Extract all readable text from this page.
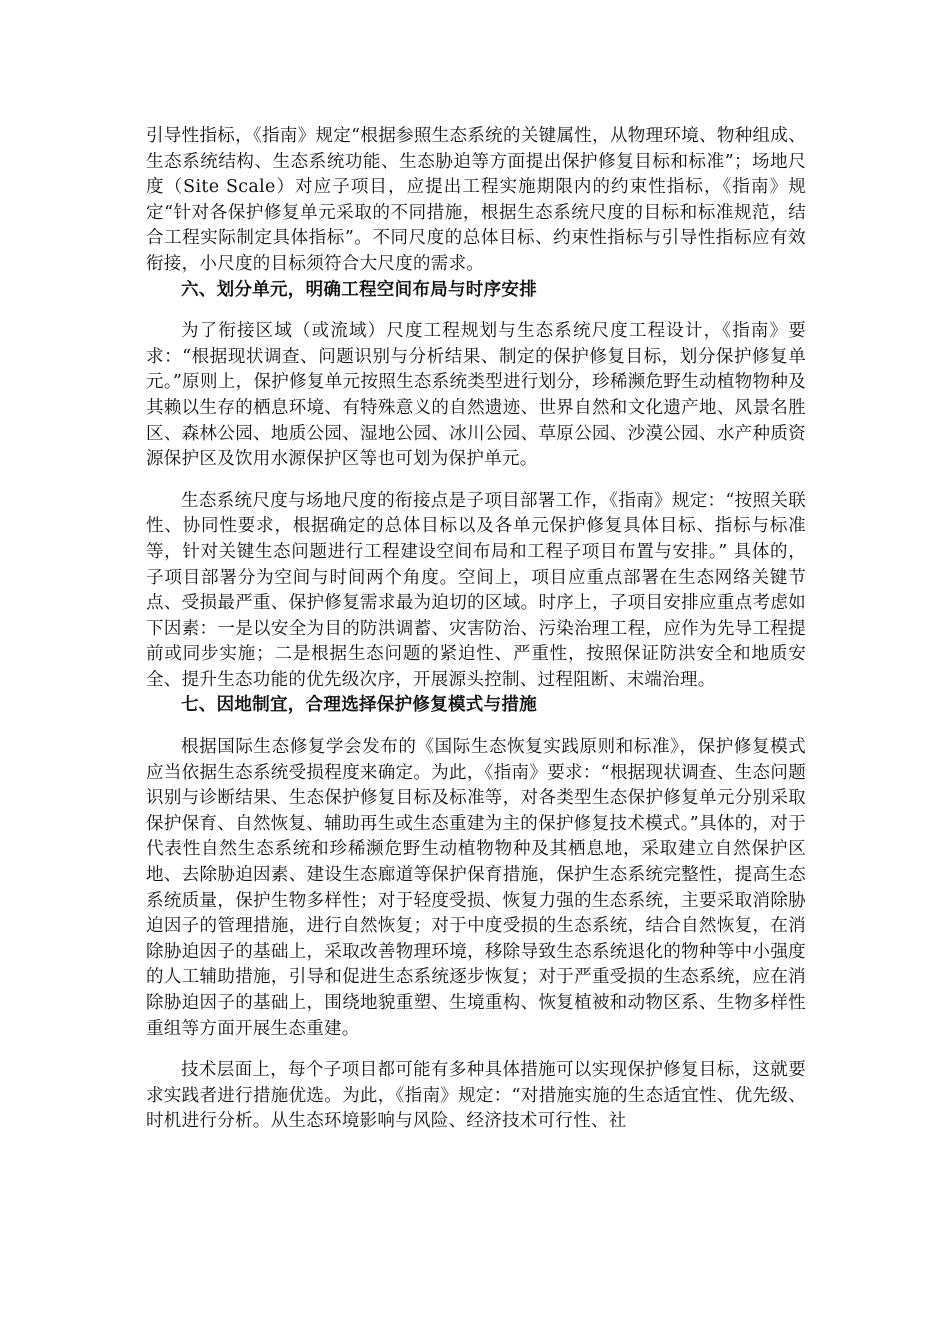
引导性指标，《指南》规定“根据参照生态系统的关键属性，从物理环境、物种组成、生态系统结构、生态系统功能、生态胁迫等方面提出保护修复目标和标准”；场地尺度（Site Scale）对应子项目，应提出工程实施期限内的约束性指标，《指南》规定“针对各保护修复单元采取的不同措施，根据生态系统尺度的目标和标准规范，结合工程实际制定具体指标”。不同尺度的总体目标、约束性指标与引导性指标应有效衔接，小尺度的目标须符合大尺度的需求。

六、划分单元，明确工程空间布局与时序安排

为了衔接区域（或流域）尺度工程规划与生态系统尺度工程设计，《指南》要求：“根据现状调查、问题识别与分析结果、制定的保护修复目标，划分保护修复单元。”原则上，保护修复单元按照生态系统类型进行划分，珍稀濒危野生动植物物种及其赖以生存的栖息环境、有特殊意义的自然遗迹、世界自然和文化遗产地、风景名胜区、森林公园、地质公园、湿地公园、冰川公园、草原公园、沙漠公园、水产种质资源保护区及饮用水源保护区等也可划为保护单元。

生态系统尺度与场地尺度的衔接点是子项目部署工作，《指南》规定：“按照关联性、协同性要求，根据确定的总体目标以及各单元保护修复具体目标、指标与标准等，针对关键生态问题进行工程建设空间布局和工程子项目布置与安排。” 具体的，子项目部署分为空间与时间两个角度。空间上，项目应重点部署在生态网络关键节点、受损最严重、保护修复需求最为迫切的区域。时序上，子项目安排应重点考虑如下因素：一是以安全为目的防洪调蓄、灾害防治、污染治理工程，应作为先导工程提前或同步实施；二是根据生态问题的紧迫性、严重性，按照保证防洪安全和地质安全、提升生态功能的优先级次序，开展源头控制、过程阻断、末端治理。

七、因地制宜，合理选择保护修复模式与措施

根据国际生态修复学会发布的《国际生态恢复实践原则和标准》，保护修复模式应当依据生态系统受损程度来确定。为此，《指南》要求：“根据现状调查、生态问题识别与诊断结果、生态保护修复目标及标准等，对各类型生态保护修复单元分别采取保护保育、自然恢复、辅助再生或生态重建为主的保护修复技术模式。”具体的，对于代表性自然生态系统和珍稀濒危野生动植物物种及其栖息地，采取建立自然保护区地、去除胁迫因素、建设生态廊道等保护保育措施，保护生态系统完整性，提高生态系统质量，保护生物多样性；对于轻度受损、恢复力强的生态系统，主要采取消除胁迫因子的管理措施，进行自然恢复；对于中度受损的生态系统，结合自然恢复，在消除胁迫因子的基础上，采取改善物理环境，移除导致生态系统退化的物种等中小强度的人工辅助措施，引导和促进生态系统逐步恢复；对于严重受损的生态系统，应在消除胁迫因子的基础上，围绕地貌重塑、生境重构、恢复植被和动物区系、生物多样性重组等方面开展生态重建。

技术层面上，每个子项目都可能有多种具体措施可以实现保护修复目标，这就要求实践者进行措施优选。为此，《指南》规定：“对措施实施的生态适宜性、优先级、时机进行分析。从生态环境影响与风险、经济技术可行性、社
